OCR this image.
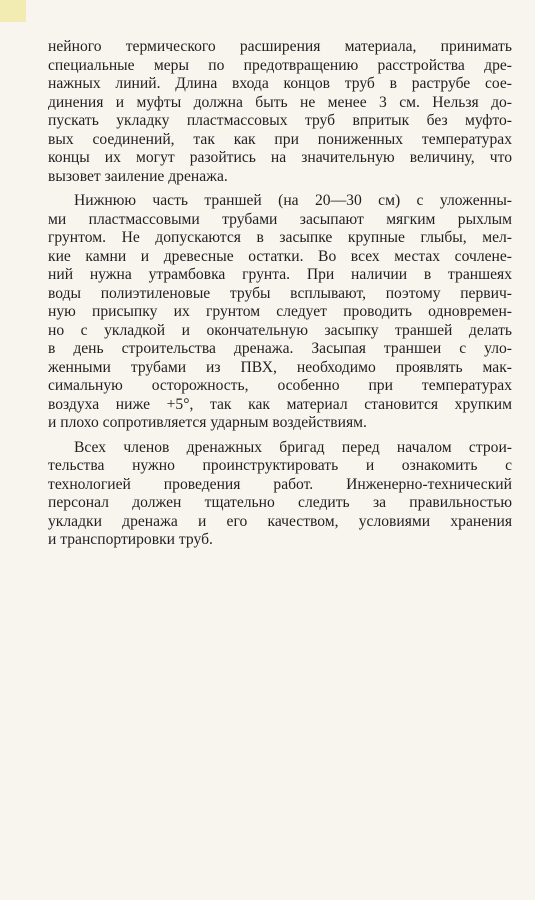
нейного термического расширения материала, принимать
специальные меры по предотвращению расстройства дре-
нажных линий. Длина входа концов труб в раструбе сое-
динения и муфты должна быть не менее 3 см. Нельзя до-
пускать укладку пластмассовых труб впритык без муфто-
вых соединений, так как при пониженных температурах
концы их могут разойтись на значительную величину, что
вызовет заиление дренажа.
Нижнюю часть траншей (на 20—30 см) с уложенны-
ми пластмассовыми трубами засыпают мягким рыхлым
грунтом. Не допускаются в засыпке крупные глыбы, мел-
кие камни и древесные остатки. Во всех местах сочлене-
ний нужна утрамбовка грунта. При наличии в траншеях
воды полиэтиленовые трубы всплывают, поэтому первич-
ную присыпку их грунтом следует проводить одновремен-
но с укладкой и окончательную засыпку траншей делать
в день строительства дренажа. Засыпая траншеи с уло-
женными трубами из ПВХ, необходимо проявлять мак-
симальную осторожность, особенно при температурах
воздуха ниже +5°, так как материал становится хрупким
и плохо сопротивляется ударным воздействиям.
Всех членов дренажных бригад перед началом строи-
тельства нужно проинструктировать и ознакомить с
технологией проведения работ. Инженерно-технический
персонал должен тщательно следить за правильностью
укладки дренажа и его качеством, условиями хранения
и транспортировки труб.
